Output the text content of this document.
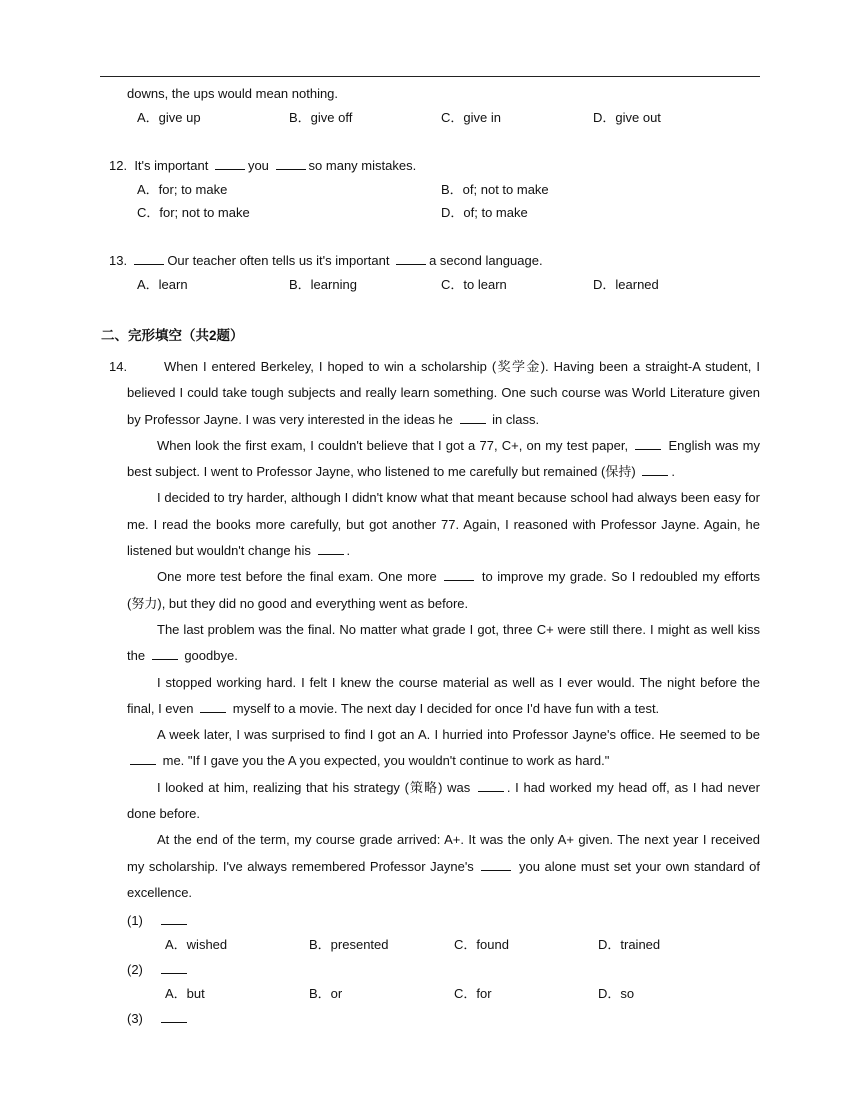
downs, the ups would mean nothing.
A．give up	B．give off	C．give in	D．give out
12. It's important	you	so many mistakes.
A．for; to make	B．of; not to make
C．for; not to make	D．of; to make
13.	Our teacher often tells us it's important	a second language.
A．learn	B．learning	C．to learn	D．learned
二、完形填空（共2题）
14.	When I entered Berkeley, I hoped to win a scholarship (奖学金). Having been a straight-A student, I believed I could take tough subjects and really learn something. One such course was World Literature given by Professor Jayne. I was very interested in the ideas he	in class.

When look the first exam, I couldn't believe that I got a 77, C+, on my test paper,	English was my best subject. I went to Professor Jayne, who listened to me carefully but remained (保持)	.

I decided to try harder, although I didn't know what that meant because school had always been easy for me. I read the books more carefully, but got another 77. Again, I reasoned with Professor Jayne. Again, he listened but wouldn't change his	.

One more test before the final exam. One more	to improve my grade. So I redoubled my efforts (努力), but they did no good and everything went as before.

The last problem was the final. No matter what grade I got, three C+ were still there. I might as well kiss the	goodbye.

I stopped working hard. I felt I knew the course material as well as I ever would. The night before the final, I even	myself to a movie. The next day I decided for once I'd have fun with a test.

A week later, I was surprised to find I got an A. I hurried into Professor Jayne's office. He seemed to be  me. "If I gave you the A you expected, you wouldn't continue to work as hard."

I looked at him, realizing that his strategy (策略) was	. I had worked my head off, as I had never done before.

At the end of the term, my course grade arrived: A+. It was the only A+ given. The next year I received my scholarship. I've always remembered Professor Jayne's	you alone must set your own standard of excellence.

(1)
A．wished	B．presented	C．found	D．trained
(2)
A．but	B．or	C．for	D．so
(3)
